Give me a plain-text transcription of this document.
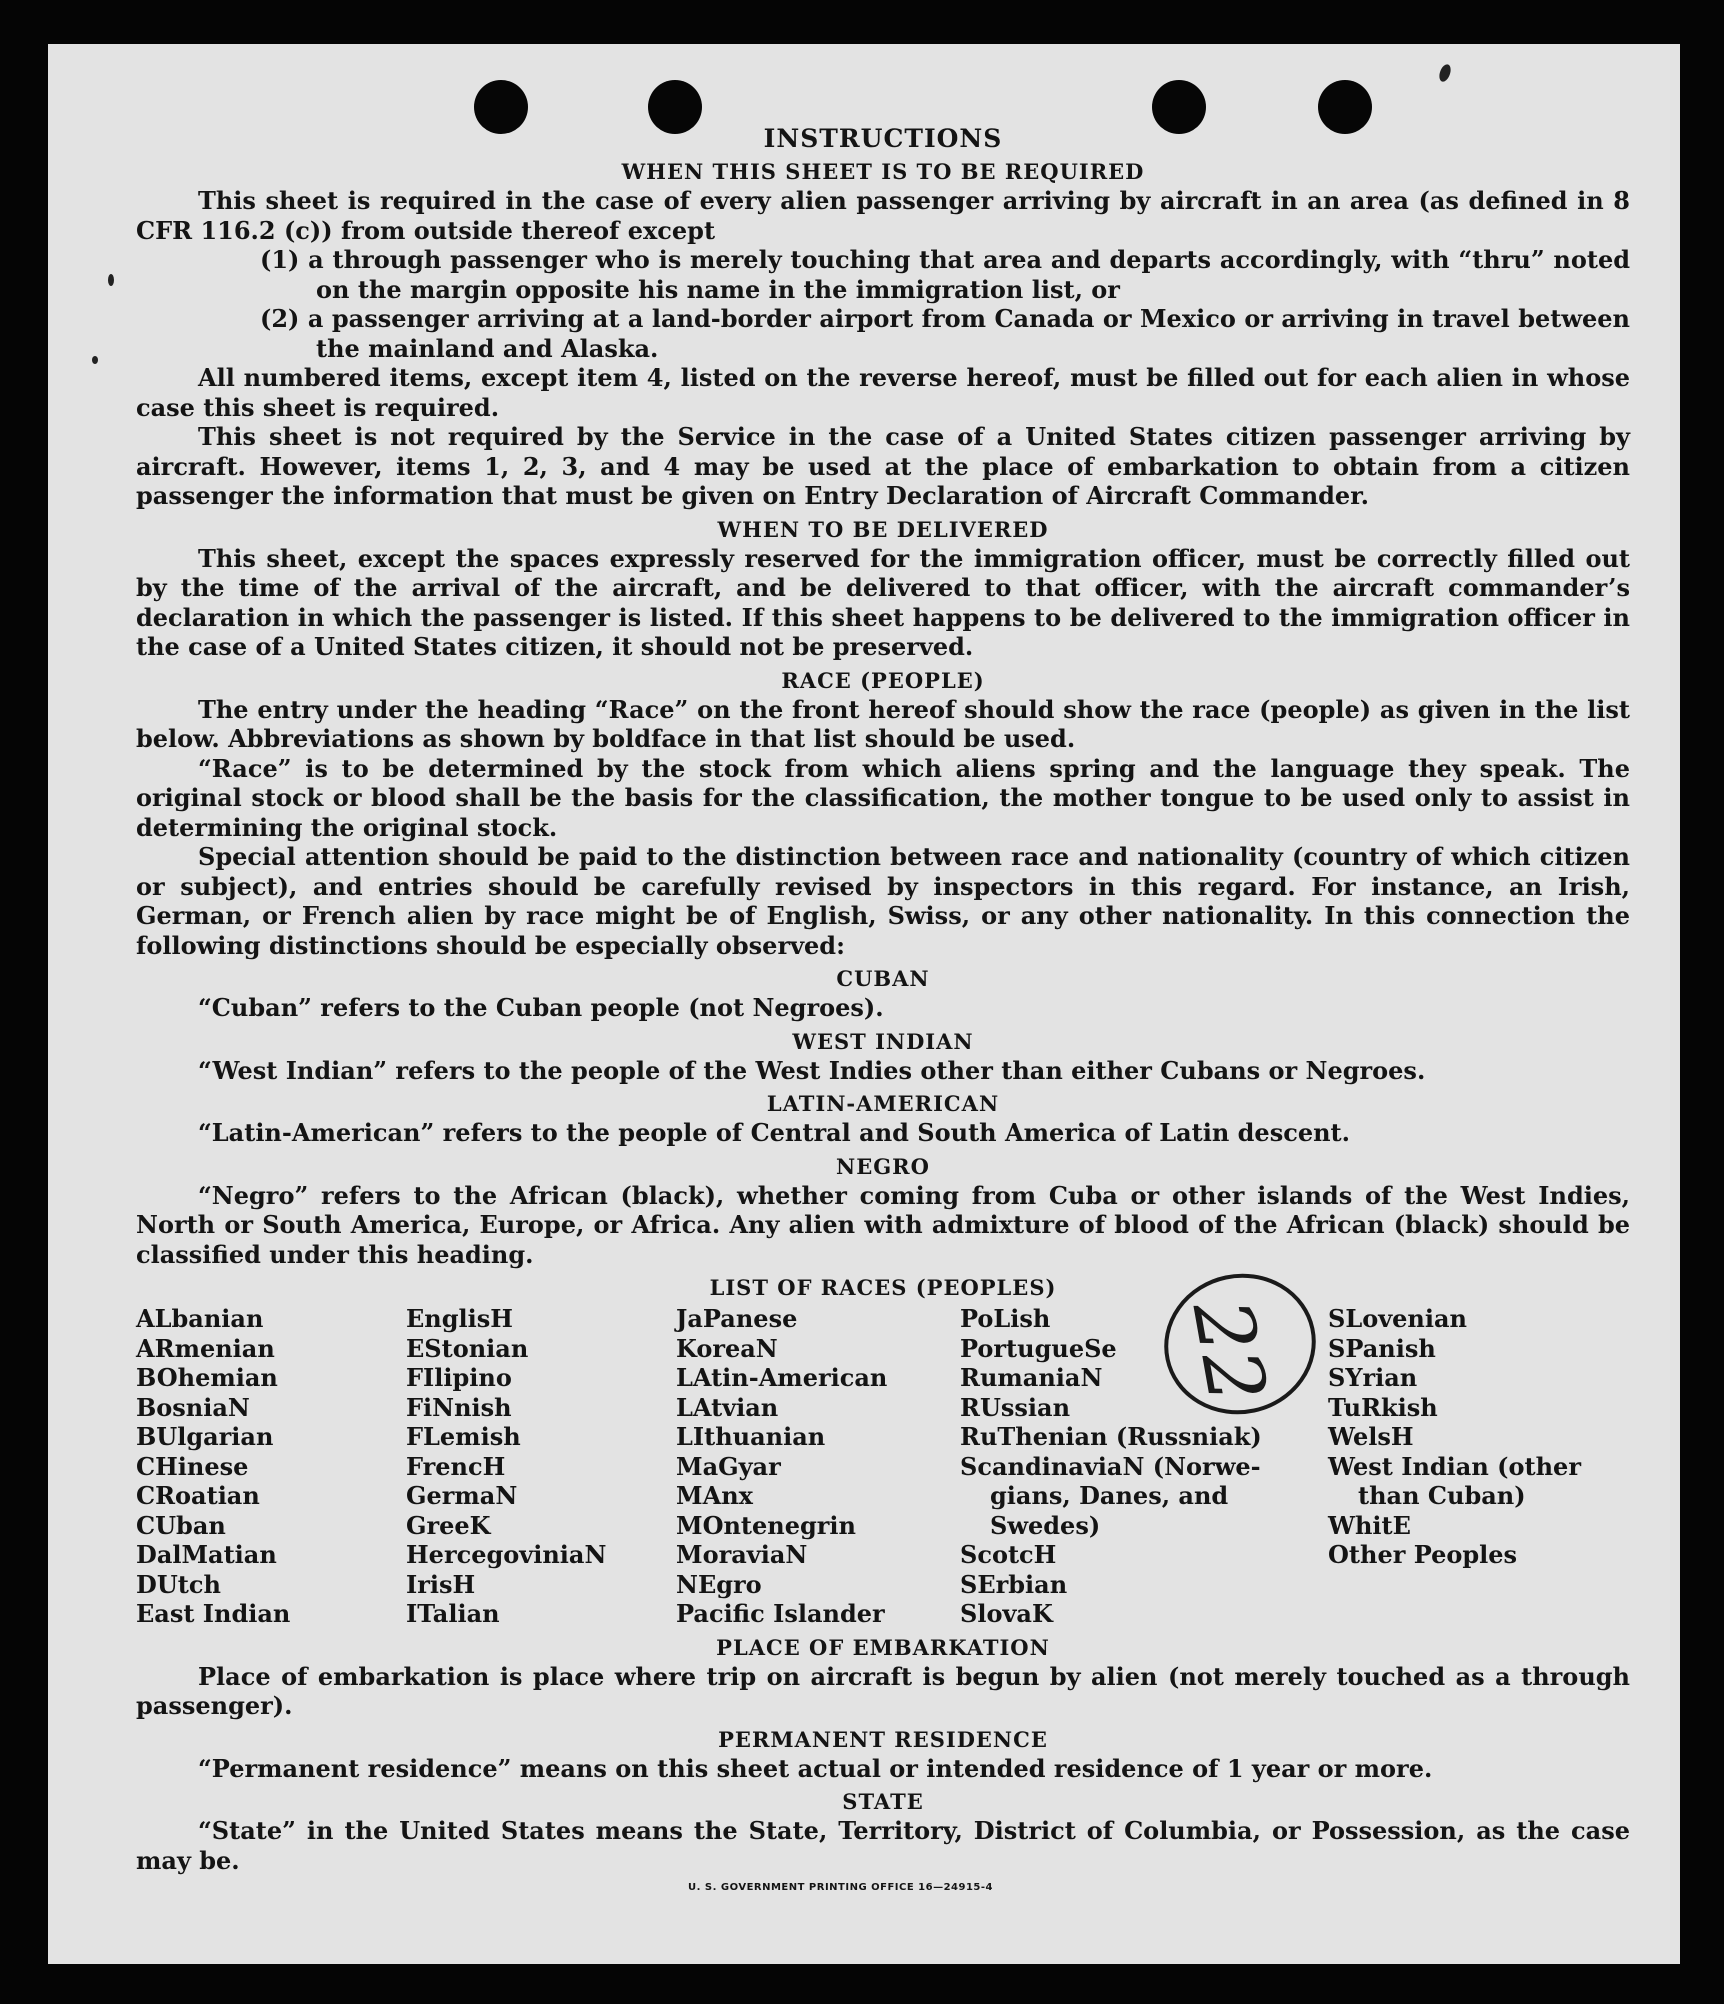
INSTRUCTIONS
WHEN THIS SHEET IS TO BE REQUIRED

This sheet is required in the case of every alien passenger arriving by aircraft in an area (as defined in 8 CFR 116.2 (c)) from outside thereof except

(1) a through passenger who is merely touching that area and departs accordingly, with “thru” noted on the margin opposite his name in the immigration list, or

(2) a passenger arriving at a land-border airport from Canada or Mexico or arriving in travel between the mainland and Alaska.

All numbered items, except item 4, listed on the reverse hereof, must be filled out for each alien in whose case this sheet is required.

This sheet is not required by the Service in the case of a United States citizen passenger arriving by aircraft. However, items 1, 2, 3, and 4 may be used at the place of embarkation to obtain from a citizen passenger the information that must be given on Entry Declaration of Aircraft Commander.

WHEN TO BE DELIVERED

This sheet, except the spaces expressly reserved for the immigration officer, must be correctly filled out by the time of the arrival of the aircraft, and be delivered to that officer, with the aircraft commander’s declaration in which the passenger is listed. If this sheet happens to be delivered to the immigration officer in the case of a United States citizen, it should not be preserved.

RACE (PEOPLE)

The entry under the heading “Race” on the front hereof should show the race (people) as given in the list below. Abbreviations as shown by boldface in that list should be used.

“Race” is to be determined by the stock from which aliens spring and the language they speak. The original stock or blood shall be the basis for the classification, the mother tongue to be used only to assist in determining the original stock.

Special attention should be paid to the distinction between race and nationality (country of which citizen or subject), and entries should be carefully revised by inspectors in this regard. For instance, an Irish, German, or French alien by race might be of English, Swiss, or any other nationality. In this connection the following distinctions should be especially observed:

CUBAN

“Cuban” refers to the Cuban people (not Negroes).

WEST INDIAN

“West Indian” refers to the people of the West Indies other than either Cubans or Negroes.

LATIN-AMERICAN

“Latin-American” refers to the people of Central and South America of Latin descent.

NEGRO

“Negro” refers to the African (black), whether coming from Cuba or other islands of the West Indies, North or South America, Europe, or Africa. Any alien with admixture of blood of the African (black) should be classified under this heading.

LIST OF RACES (PEOPLES)
ALbanian
ARmenian
BOhemian
BosniaN
BUlgarian
CHinese
CRoatian
CUban
DalMatian
DUtch
East Indian
EnglisH
EStonian
FIlipino
FiNnish
FLemish
FrencH
GermaN
GreeK
HercegoviniaN
IrisH
ITalian
JaPanese
KoreaN
LAtin-American
LAtvian
LIthuanian
MaGyar
MAnx
MOntenegrin
MoraviaN
NEgro
Pacific Islander
PoLish
PortugueSe
RumaniaN
RUssian
RuThenian (Russniak)
ScandinaviaN (Norwe-
gians, Danes, and
Swedes)
ScotcH
SErbian
SlovaK
SLovenian
SPanish
SYrian
TuRkish
WelsH
West Indian (other
than Cuban)
WhitE
Other Peoples
PLACE OF EMBARKATION

Place of embarkation is place where trip on aircraft is begun by alien (not merely touched as a through passenger).

PERMANENT RESIDENCE

“Permanent residence” means on this sheet actual or intended residence of 1 year or more.

STATE

“State” in the United States means the State, Territory, District of Columbia, or Possession, as the case may be.

U. S. GOVERNMENT PRINTING OFFICE 16—24915-4
22
